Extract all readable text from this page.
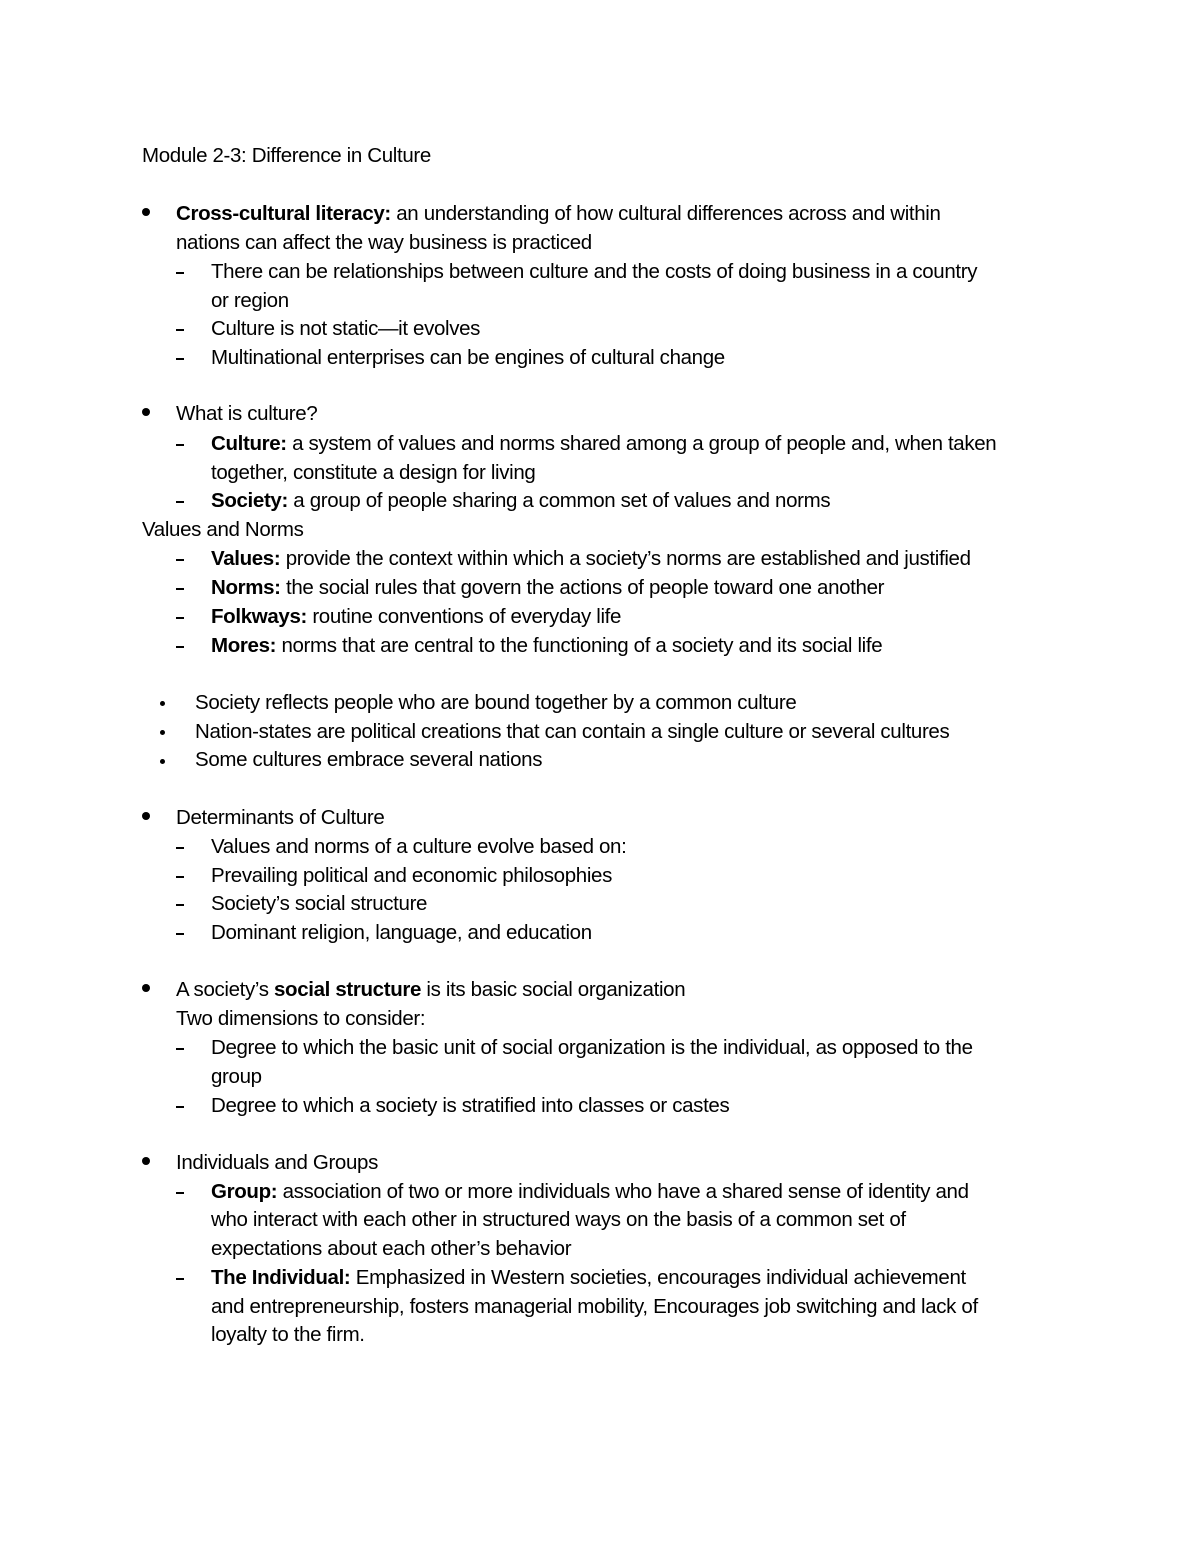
Module 2-3: Difference in Culture
Cross-cultural literacy: an understanding of how cultural differences across and within
nations can affect the way business is practiced
There can be relationships between culture and the costs of doing business in a country
or region
Culture is not static—it evolves
Multinational enterprises can be engines of cultural change
What is culture?
Culture: a system of values and norms shared among a group of people and, when taken
together, constitute a design for living
Society: a group of people sharing a common set of values and norms
Values and Norms
Values: provide the context within which a society’s norms are established and justified
Norms: the social rules that govern the actions of people toward one another
Folkways: routine conventions of everyday life
Mores: norms that are central to the functioning of a society and its social life
Society reflects people who are bound together by a common culture
Nation-states are political creations that can contain a single culture or several cultures
Some cultures embrace several nations
Determinants of Culture
Values and norms of a culture evolve based on:
Prevailing political and economic philosophies
Society’s social structure
Dominant religion, language, and education
A society’s social structure is its basic social organization
Two dimensions to consider:
Degree to which the basic unit of social organization is the individual, as opposed to the
group
Degree to which a society is stratified into classes or castes
Individuals and Groups
Group: association of two or more individuals who have a shared sense of identity and
who interact with each other in structured ways on the basis of a common set of
expectations about each other’s behavior
The Individual: Emphasized in Western societies, encourages individual achievement
and entrepreneurship, fosters managerial mobility, Encourages job switching and lack of
loyalty to the firm.
